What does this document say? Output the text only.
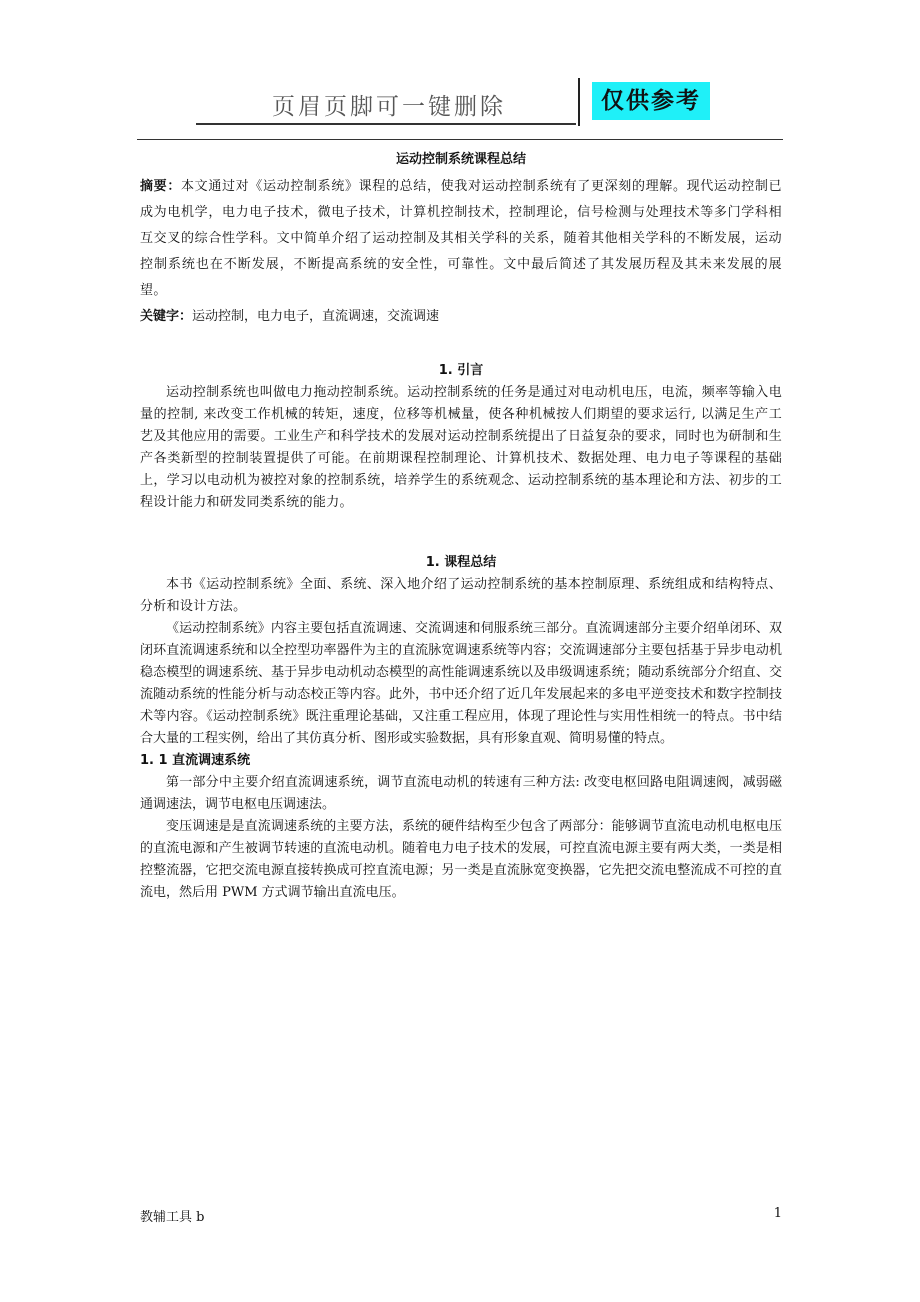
页眉页脚可一键删除	仅供参考
运动控制系统课程总结

摘要：本文通过对《运动控制系统》课程的总结，使我对运动控制系统有了更深刻的理解。现代运动控制已成为电机学，电力电子技术，微电子技术，计算机控制技术，控制理论，信号检测与处理技术等多门学科相互交叉的综合性学科。文中简单介绍了运动控制及其相关学科的关系，随着其他相关学科的不断发展，运动控制系统也在不断发展，不断提高系统的安全性，可靠性。文中最后简述了其发展历程及其未来发展的展望。

关键字：运动控制，电力电子，直流调速，交流调速

1. 引言

运动控制系统也叫做电力拖动控制系统。运动控制系统的任务是通过对电动机电压，电流，频率等输入电量的控制, 来改变工作机械的转矩，速度，位移等机械量，使各种机械按人们期望的要求运行, 以满足生产工艺及其他应用的需要。工业生产和科学技术的发展对运动控制系统提出了日益复杂的要求，同时也为研制和生产各类新型的控制装置提供了可能。在前期课程控制理论、计算机技术、数据处理、电力电子等课程的基础上，学习以电动机为被控对象的控制系统，培养学生的系统观念、运动控制系统的基本理论和方法、初步的工程设计能力和研发同类系统的能力。

1. 课程总结

本书《运动控制系统》全面、系统、深入地介绍了运动控制系统的基本控制原理、系统组成和结构特点、分析和设计方法。

《运动控制系统》内容主要包括直流调速、交流调速和伺服系统三部分。直流调速部分主要介绍单闭环、双闭环直流调速系统和以全控型功率器件为主的直流脉宽调速系统等内容；交流调速部分主要包括基于异步电动机稳态模型的调速系统、基于异步电动机动态模型的高性能调速系统以及串级调速系统；随动系统部分介绍直、交流随动系统的性能分析与动态校正等内容。此外，书中还介绍了近几年发展起来的多电平逆变技术和数字控制技术等内容。《运动控制系统》既注重理论基础，又注重工程应用，体现了理论性与实用性相统一的特点。书中结合大量的工程实例，给出了其仿真分析、图形或实验数据，具有形象直观、简明易懂的特点。

1. 1 直流调速系统

第一部分中主要介绍直流调速系统，调节直流电动机的转速有三种方法: 改变电枢回路电阻调速阀，减弱磁通调速法，调节电枢电压调速法。

变压调速是是直流调速系统的主要方法，系统的硬件结构至少包含了两部分：能够调节直流电动机电枢电压的直流电源和产生被调节转速的直流电动机。随着电力电子技术的发展，可控直流电源主要有两大类，一类是相控整流器，它把交流电源直接转换成可控直流电源；另一类是直流脉宽变换器，它先把交流电整流成不可控的直流电，然后用 PWM 方式调节输出直流电压。

教辅工具 b	1
